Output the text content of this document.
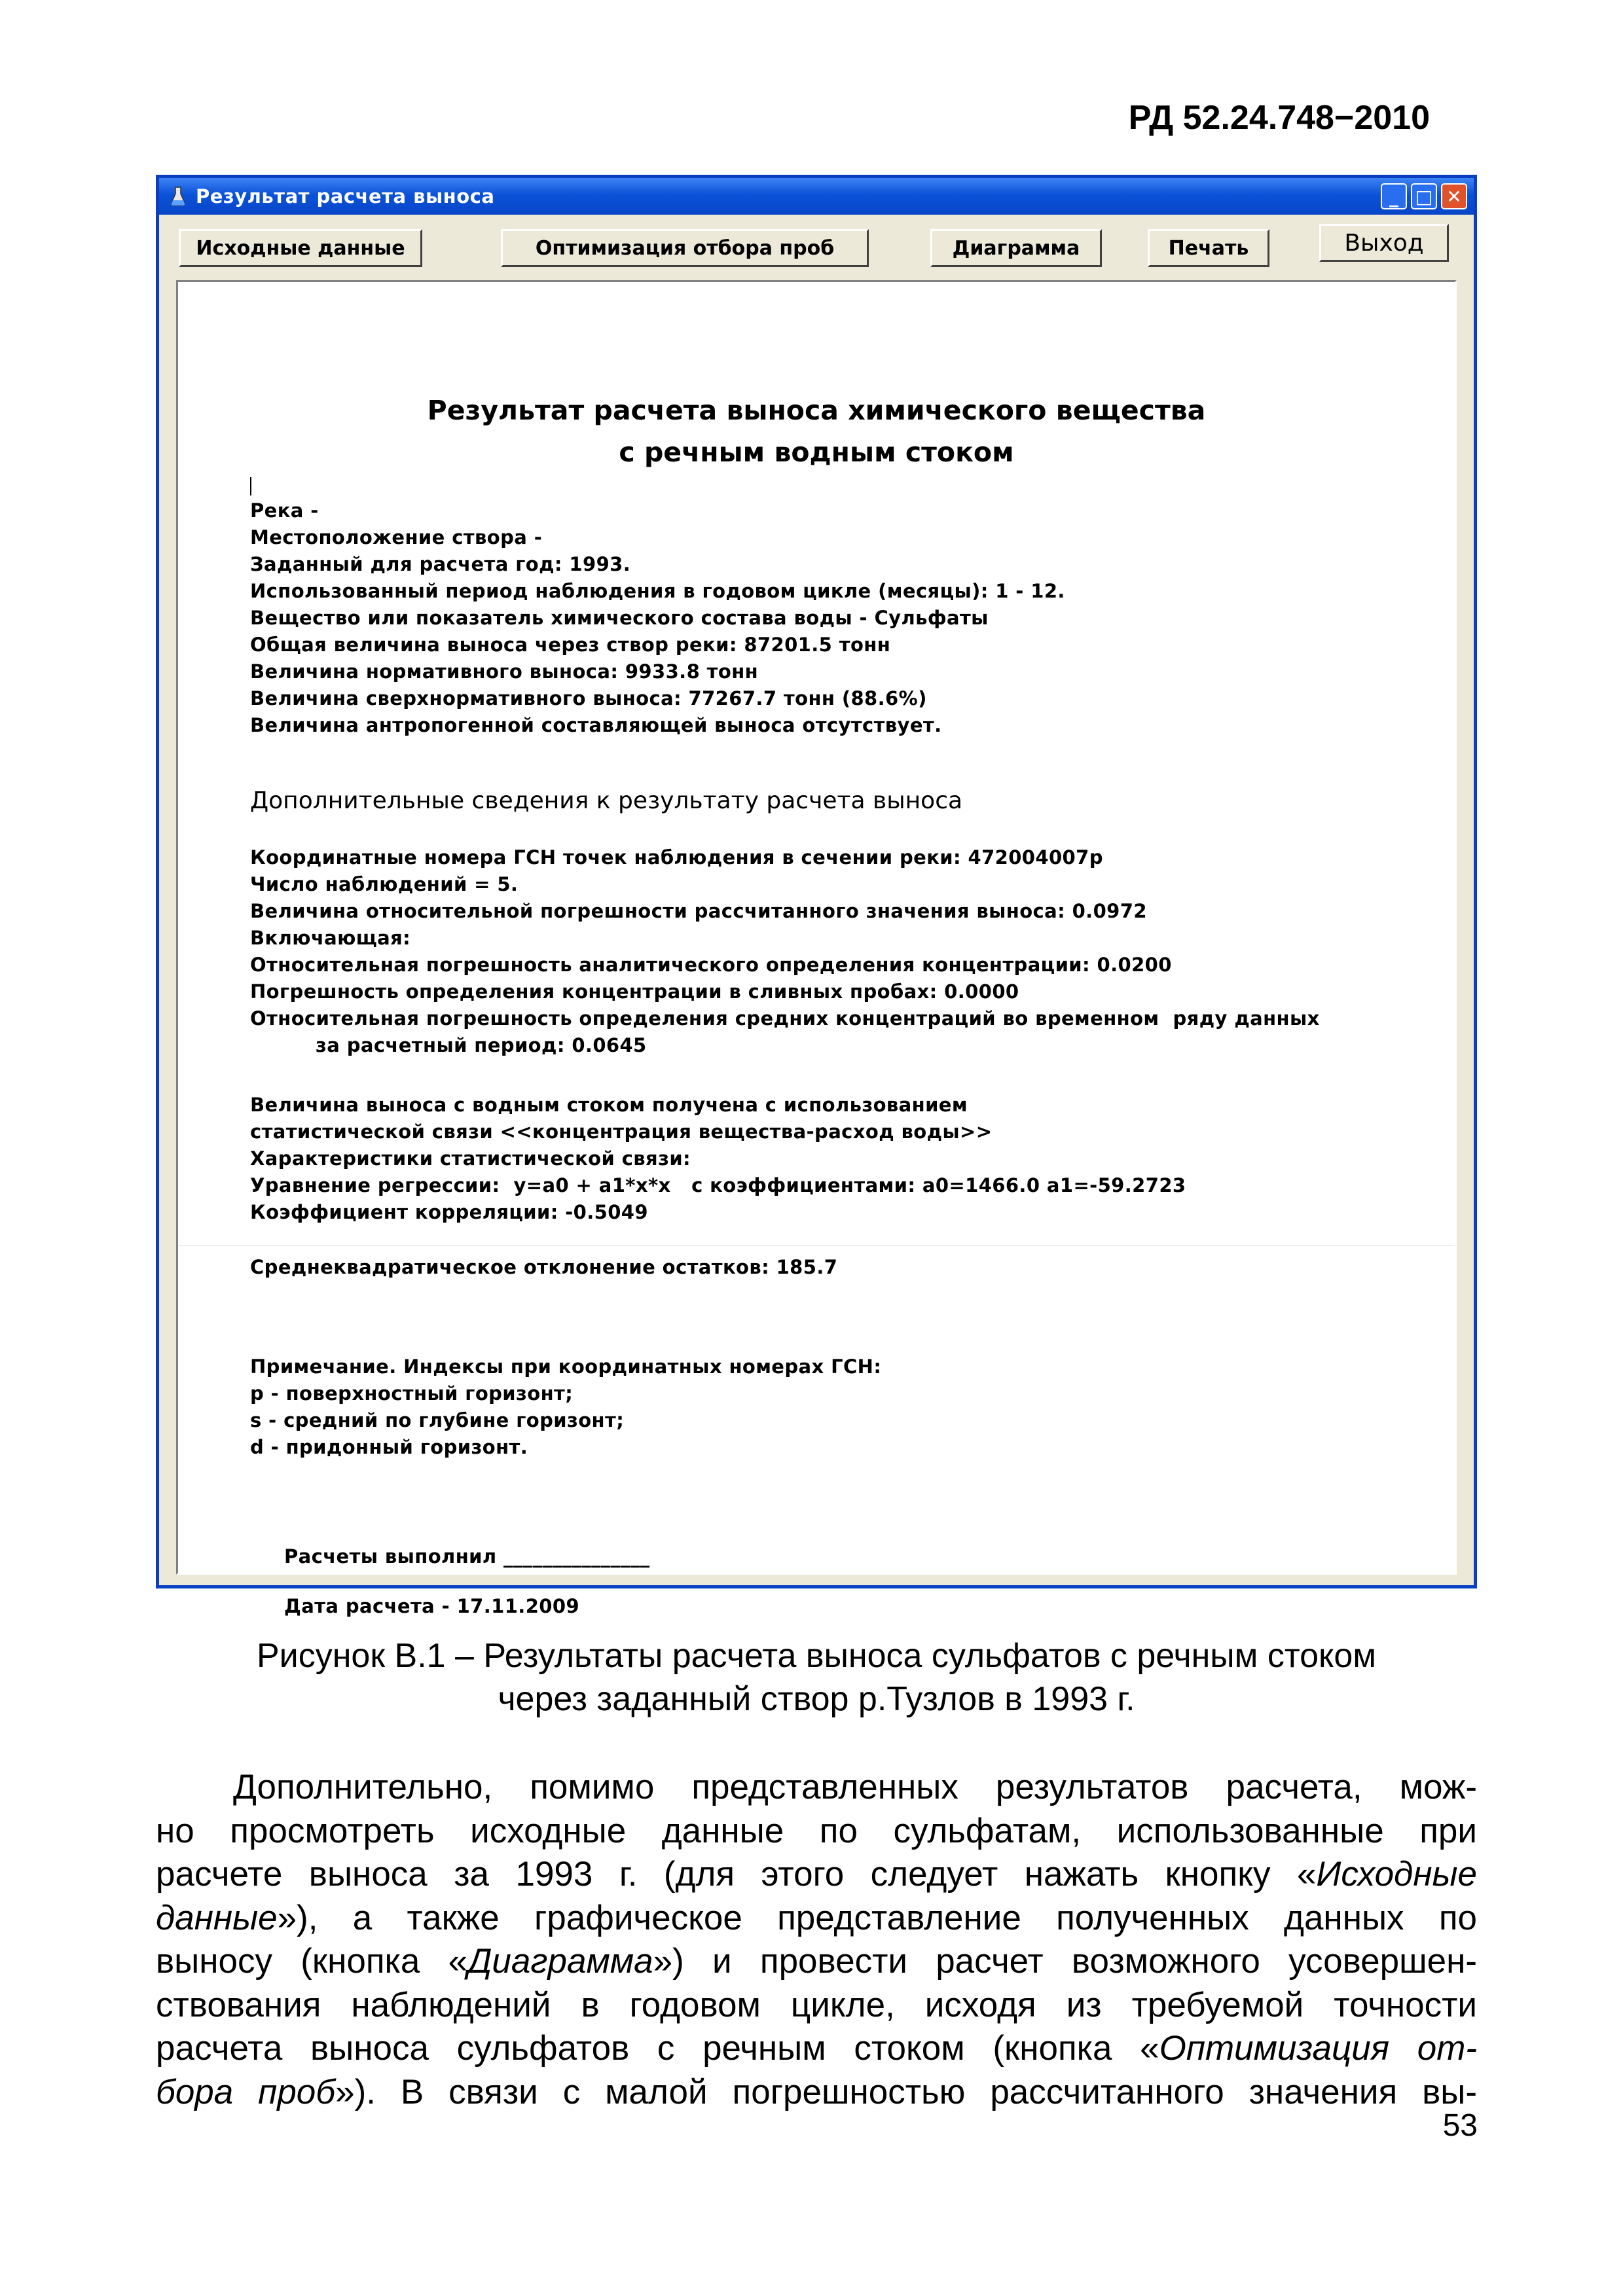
РД 52.24.748−2010
Результат расчета выноса	_ □ ✕
Исходные данные	Оптимизация отбора проб	Диаграмма	Печать	Выход
Результат расчета выноса химического вещества
с речным водным стоком
Река -
Местоположение створа -
Заданный для расчета год: 1993.
Использованный период наблюдения в годовом цикле (месяцы): 1 - 12.
Вещество или показатель химического состава воды - Сульфаты
Общая величина выноса через створ реки: 87201.5 тонн
Величина нормативного выноса: 9933.8 тонн
Величина сверхнормативного выноса: 77267.7 тонн (88.6%)
Величина антропогенной составляющей выноса отсутствует.
Дополнительные сведения к результату расчета выноса
Координатные номера ГСН точек наблюдения в сечении реки: 472004007р
Число наблюдений = 5.
Величина относительной погрешности рассчитанного значения выноса: 0.0972
Включающая:
Относительная погрешность аналитического определения концентрации: 0.0200
Погрешность определения концентрации в сливных пробах: 0.0000
Относительная погрешность определения средних концентраций во временном  ряду данных
за расчетный период: 0.0645
Величина выноса с водным стоком получена с использованием
статистической связи <<концентрация вещества-расход воды>>
Характеристики статистической связи:
Уравнение регрессии:  y=a0 + a1*x*x   с коэффициентами: a0=1466.0 a1=-59.2723
Коэффициент корреляции: -0.5049
Среднеквадратическое отклонение остатков: 185.7
Примечание. Индексы при координатных номерах ГСН:
p - поверхностный горизонт;
s - средний по глубине горизонт;
d - придонный горизонт.
Расчеты выполнил _______________
Дата расчета - 17.11.2009
Рисунок В.1 – Результаты расчета выноса сульфатов с речным стоком
через заданный створ р.Тузлов в 1993 г.
Дополнительно, помимо представленных результатов расчета, мож-
но просмотреть исходные данные по сульфатам, использованные при
расчете выноса за 1993 г. (для этого следует нажать кнопку «Исходные
данные»), а также графическое представление полученных данных по
выносу (кнопка «Диаграмма») и провести расчет возможного усовершен-
ствования наблюдений в годовом цикле, исходя из требуемой точности
расчета выноса сульфатов с речным стоком (кнопка «Оптимизация от-
бора проб»). В связи с малой погрешностью рассчитанного значения вы-
53
